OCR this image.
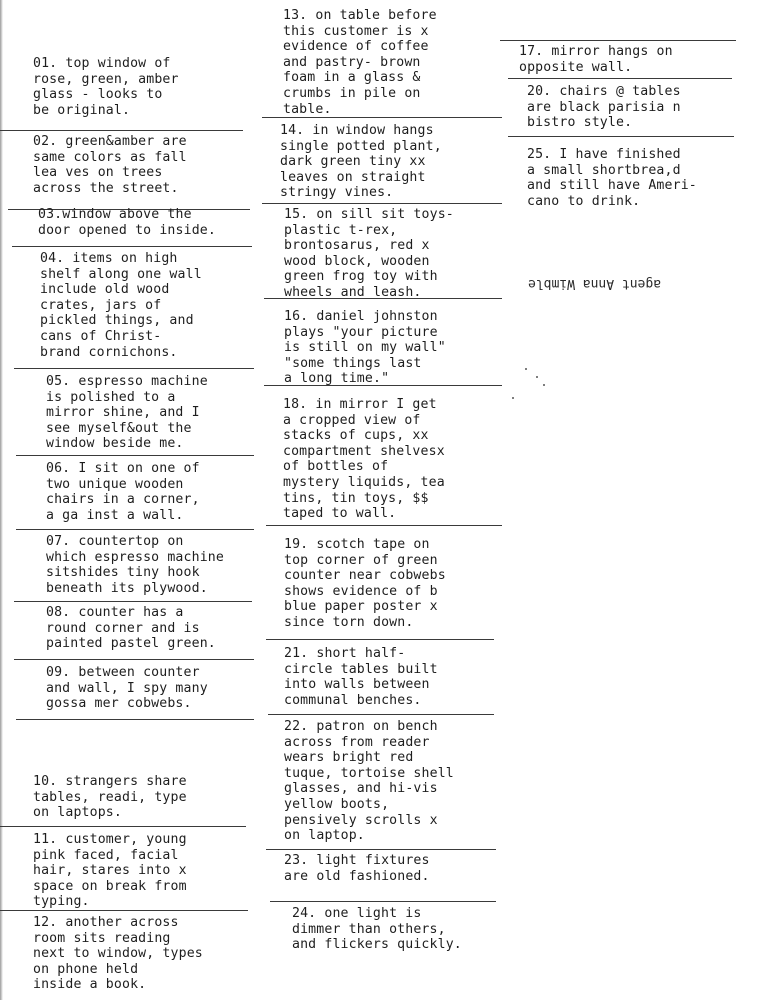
01. top window of
rose, green, amber
glass - looks to
be original.
02. green&amber are
same colors as fall
lea ves on trees
across the street.
03.window above the
door opened to inside.
04. items on high
shelf along one wall
include old wood
crates, jars of
pickled things, and
cans of Christ-
brand cornichons.
05. espresso machine
is polished to a
mirror shine, and I
see myself&out the
window beside me.
06. I sit on one of
two unique wooden
chairs in a corner,
a ga inst a wall.
07. countertop on
which espresso machine
sitshides tiny hook
beneath its plywood.
08. counter has a
round corner and is
painted pastel green.
09. between counter
and wall, I spy many
gossa mer cobwebs.
10. strangers share
tables, readi, type
on laptops.
11. customer, young
pink faced, facial
hair, stares into x
space on break from
typing.
12. another across
room sits reading
next to window, types
on phone held
inside a book.
13. on table before
this customer is x
evidence of coffee
and pastry- brown
foam in a glass &
crumbs in pile on
table.
14. in window hangs
single potted plant,
dark green tiny xx
leaves on straight
stringy vines.
15. on sill sit toys-
plastic t-rex,
brontosarus, red x
wood block, wooden
green frog toy with
wheels and leash.
16. daniel johnston
plays "your picture
is still on my wall"
"some things last
a long time."
18. in mirror I get
a cropped view of
stacks of cups, xx
compartment shelvesx
of bottles of
mystery liquids, tea
tins, tin toys, $$
taped to wall.
19. scotch tape on
top corner of green
counter near cobwebs
shows evidence of b
blue paper poster x
since torn down.
21. short half-
circle tables built
into walls between
communal benches.
22. patron on bench
across from reader
wears bright red
tuque, tortoise shell
glasses, and hi-vis
yellow boots,
pensively scrolls x
on laptop.
23. light fixtures
are old fashioned.
24. one light is
dimmer than others,
and flickers quickly.
17. mirror hangs on
opposite wall.
20. chairs @ tables
are black parisia n
bistro style.
25. I have finished
a small shortbrea,d
and still have Ameri-
cano to drink.
agent Anna Wimble
